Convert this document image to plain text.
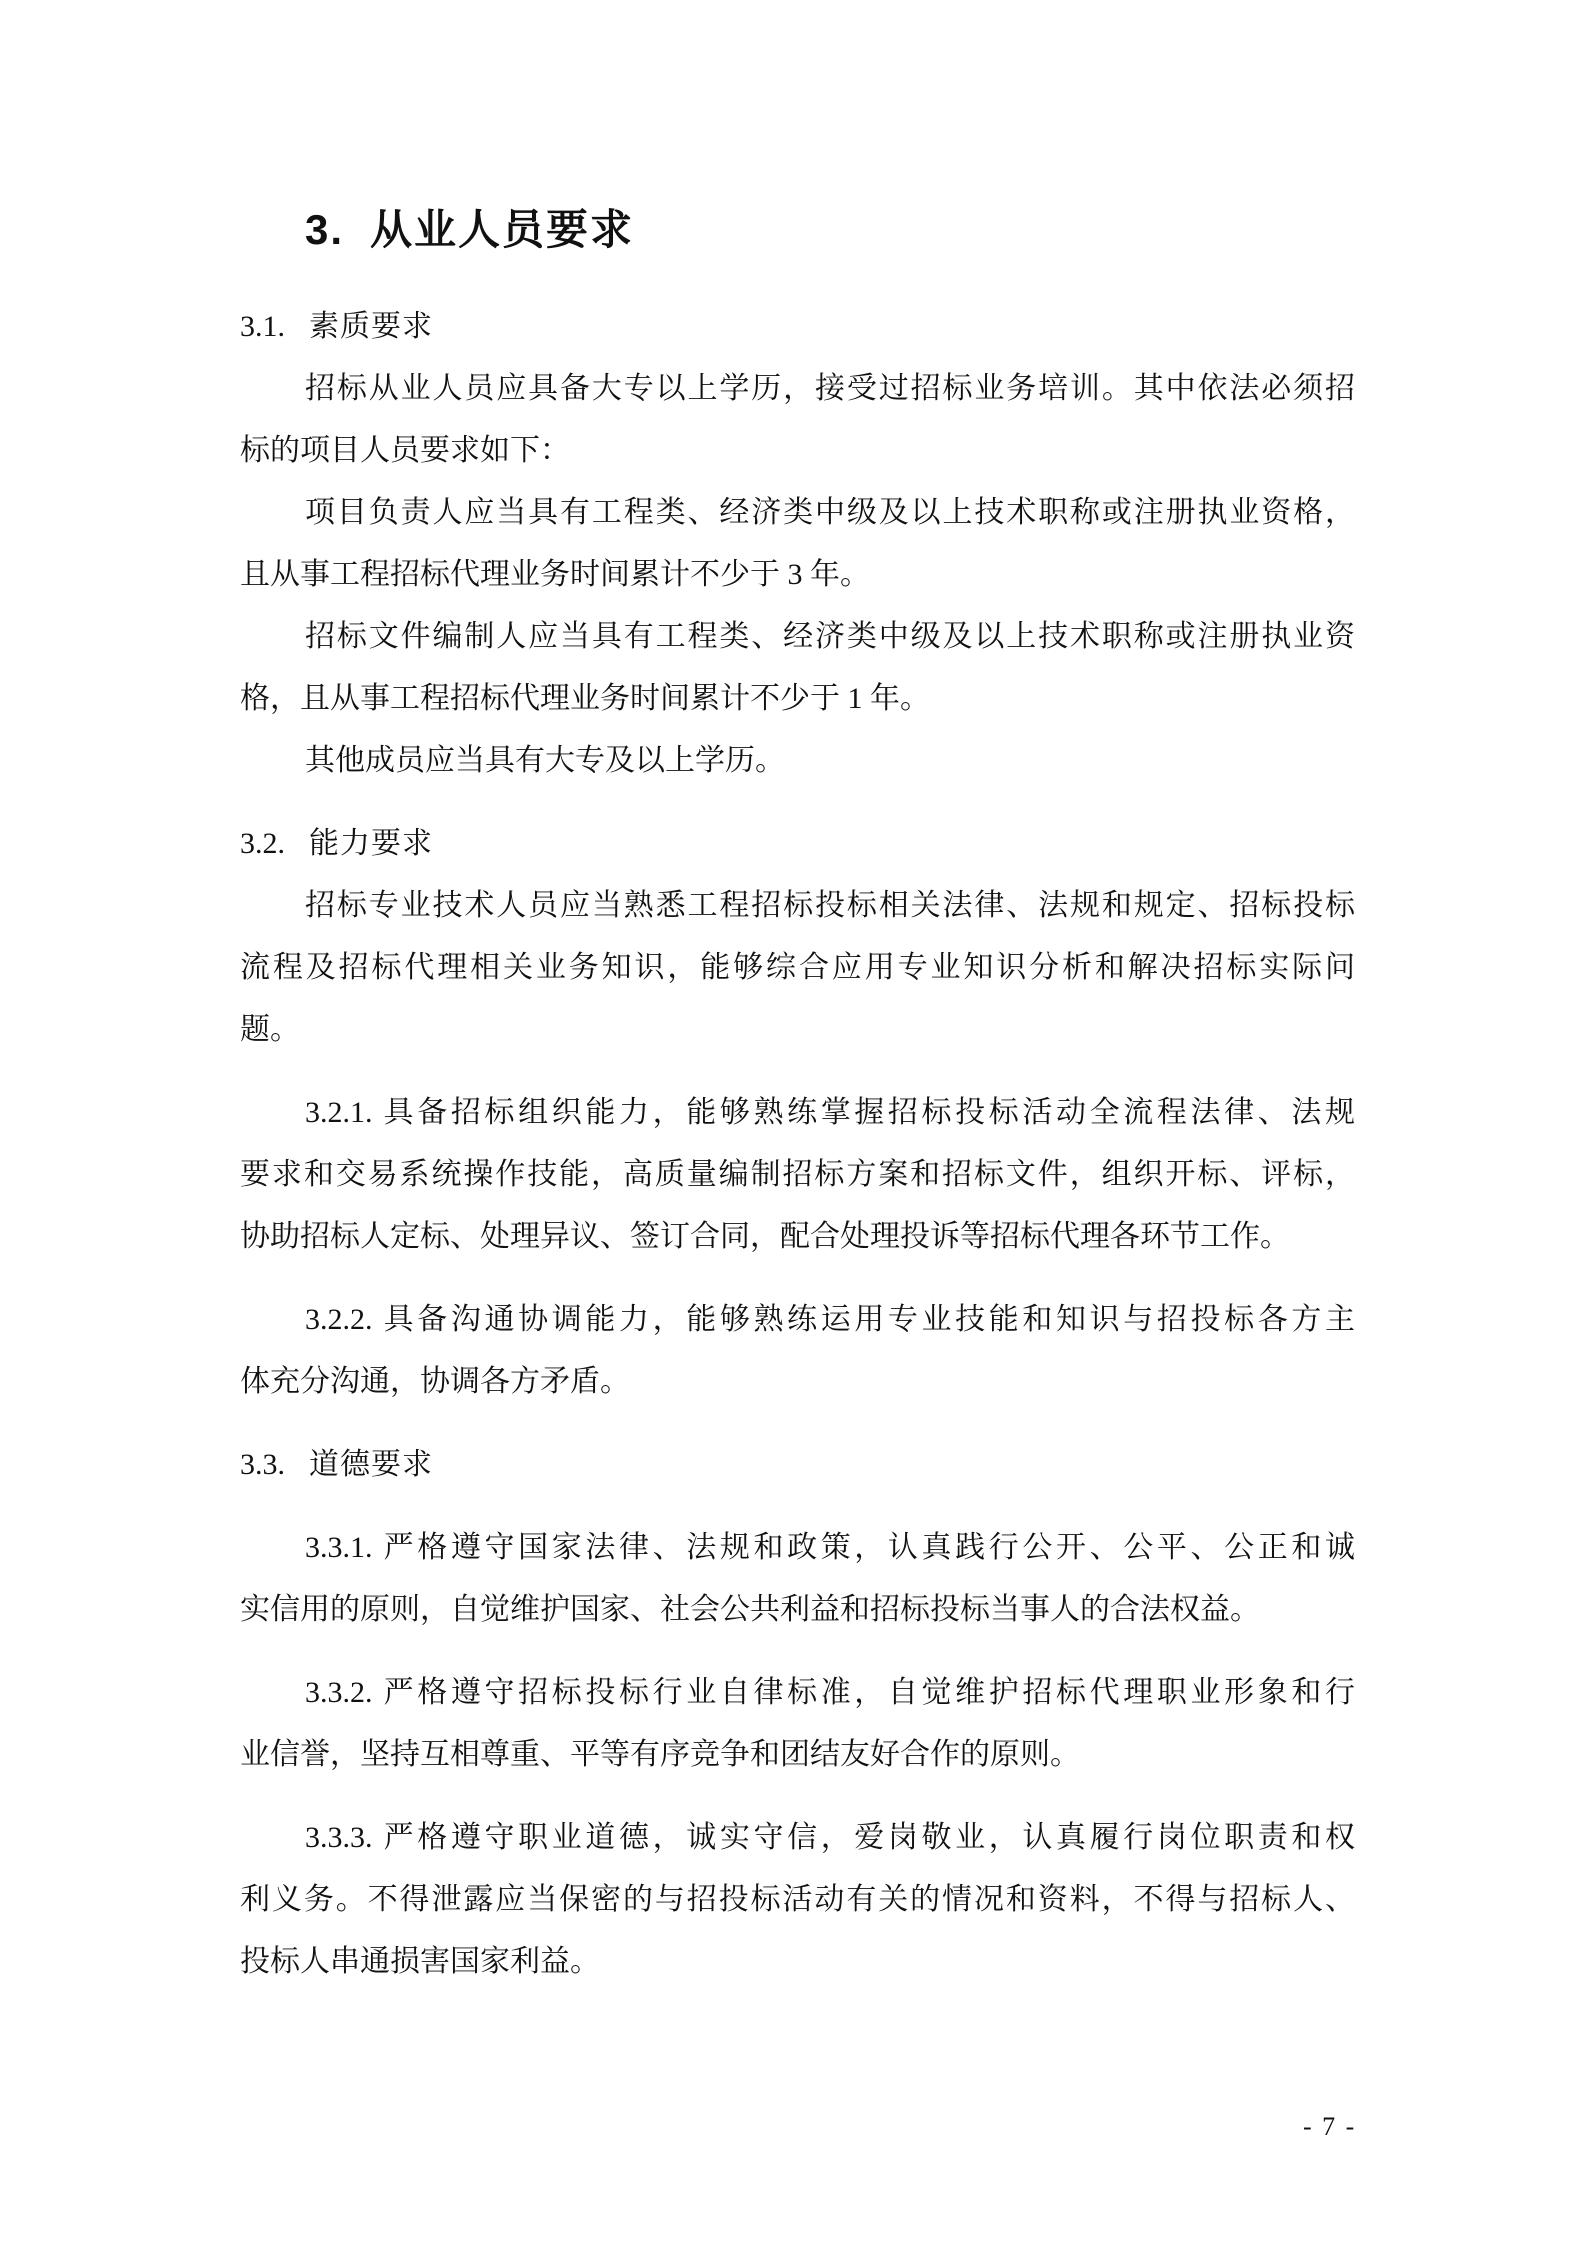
3. 从业人员要求
3.1. 素质要求
招标从业人员应具备大专以上学历，接受过招标业务培训。其中依法必须招
标的项目人员要求如下：
项目负责人应当具有工程类、经济类中级及以上技术职称或注册执业资格，
且从事工程招标代理业务时间累计不少于 3 年。
招标文件编制人应当具有工程类、经济类中级及以上技术职称或注册执业资
格，且从事工程招标代理业务时间累计不少于 1 年。
其他成员应当具有大专及以上学历。
3.2. 能力要求
招标专业技术人员应当熟悉工程招标投标相关法律、法规和规定、招标投标
流程及招标代理相关业务知识，能够综合应用专业知识分析和解决招标实际问
题。
3.2.1. 具备招标组织能力，能够熟练掌握招标投标活动全流程法律、法规
要求和交易系统操作技能，高质量编制招标方案和招标文件，组织开标、评标，
协助招标人定标、处理异议、签订合同，配合处理投诉等招标代理各环节工作。
3.2.2. 具备沟通协调能力，能够熟练运用专业技能和知识与招投标各方主
体充分沟通，协调各方矛盾。
3.3. 道德要求
3.3.1. 严格遵守国家法律、法规和政策，认真践行公开、公平、公正和诚
实信用的原则，自觉维护国家、社会公共利益和招标投标当事人的合法权益。
3.3.2. 严格遵守招标投标行业自律标准，自觉维护招标代理职业形象和行
业信誉，坚持互相尊重、平等有序竞争和团结友好合作的原则。
3.3.3. 严格遵守职业道德，诚实守信，爱岗敬业，认真履行岗位职责和权
利义务。不得泄露应当保密的与招投标活动有关的情况和资料，不得与招标人、
投标人串通损害国家利益。
- 7 -
